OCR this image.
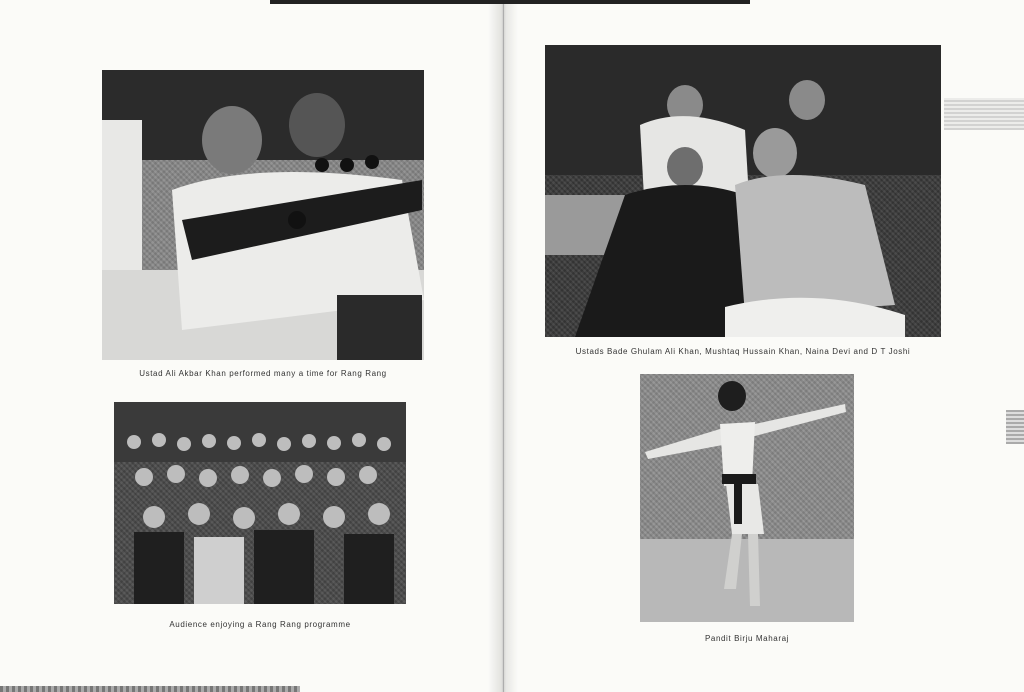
Ustad Ali Akbar Khan performed many a time for Rang Rang
Audience enjoying a Rang Rang programme
Ustads Bade Ghulam Ali Khan, Mushtaq Hussain Khan, Naina Devi and D T Joshi
Pandit Birju Maharaj
